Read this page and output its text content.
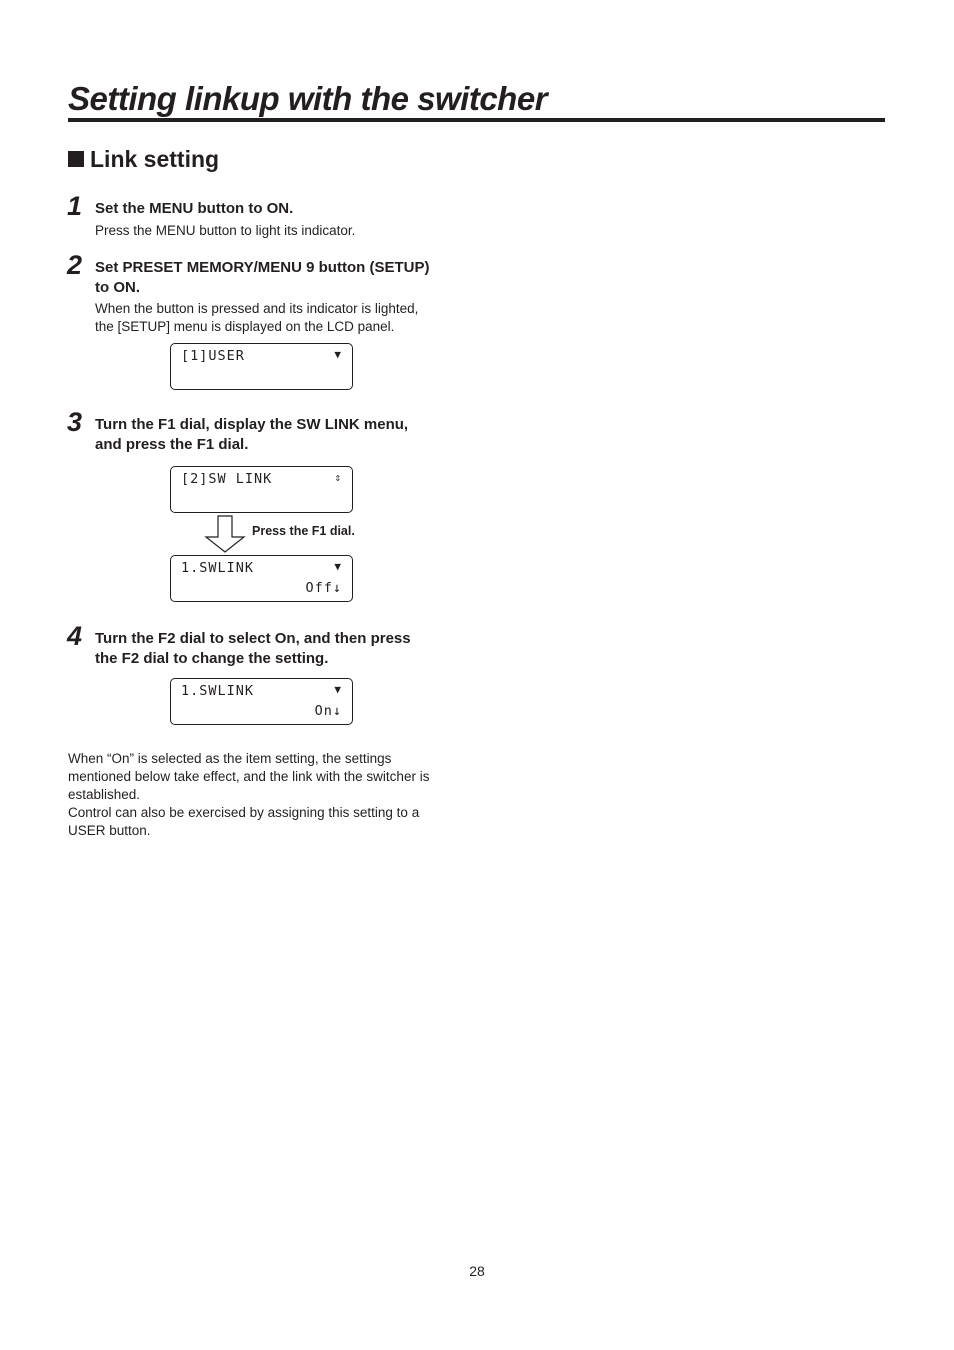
Setting linkup with the switcher
Link setting
1 Set the MENU button to ON.
Press the MENU button to light its indicator.
2 Set PRESET MEMORY/MENU 9 button (SETUP)
to ON.
When the button is pressed and its indicator is lighted,
the [SETUP] menu is displayed on the LCD panel.
[1]USER	▼
3 Turn the F1 dial, display the SW LINK menu,
and press the F1 dial.
[2]SW LINK	⇕
Press the F1 dial.
1.SWLINK	▼
Off↓
4 Turn the F2 dial to select On, and then press
the F2 dial to change the setting.
1.SWLINK	▼
On↓
When “On” is selected as the item setting, the settings
mentioned below take effect, and the link with the switcher is
established.
Control can also be exercised by assigning this setting to a
USER button.
28
